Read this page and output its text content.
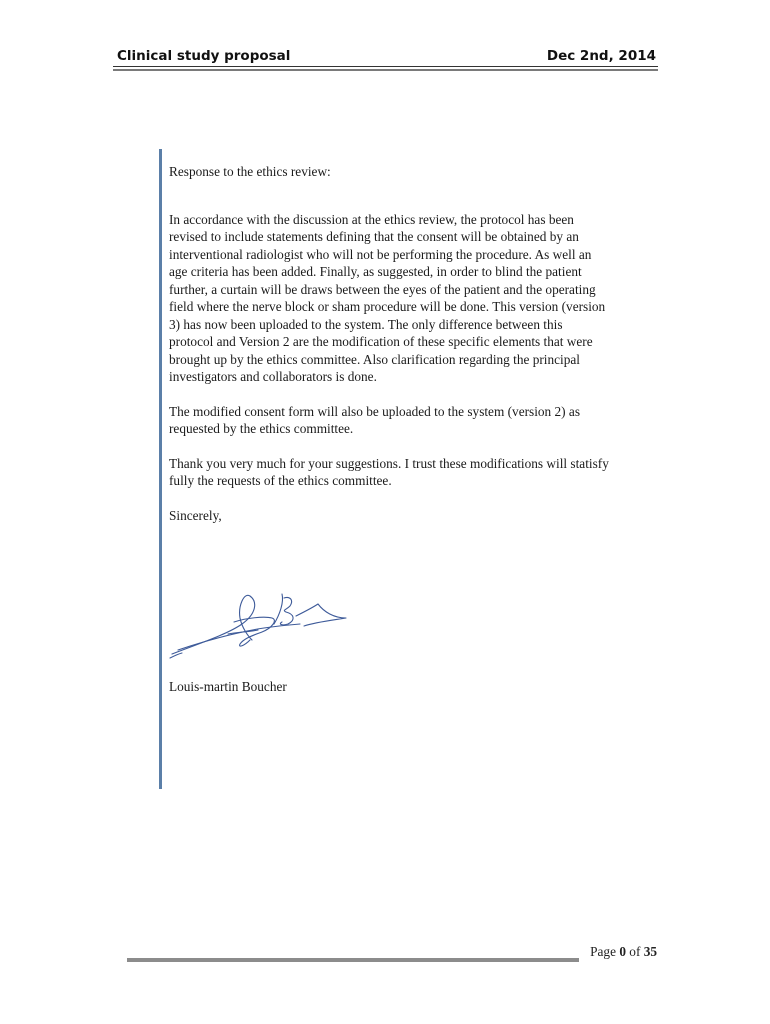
Clinical study proposal	Dec 2nd, 2014

Response to the ethics review:

In accordance with the discussion at the ethics review, the protocol has been revised to include statements defining that the consent will be obtained by an interventional radiologist who will not be performing the procedure. As well an age criteria has been added. Finally, as suggested, in order to blind the patient further, a curtain will be draws between the eyes of the patient and the operating field where the nerve block or sham procedure will be done. This version (version 3) has now been uploaded to the system. The only difference between this protocol and Version 2 are the modification of these specific elements that were brought up by the ethics committee. Also clarification regarding the principal investigators and collaborators is done.

The modified consent form will also be uploaded to the system (version 2) as requested by the ethics committee.

Thank you very much for your suggestions. I trust these modifications will statisfy fully the requests of the ethics committee.

Sincerely,

Louis-martin Boucher
Page 0 of 35
